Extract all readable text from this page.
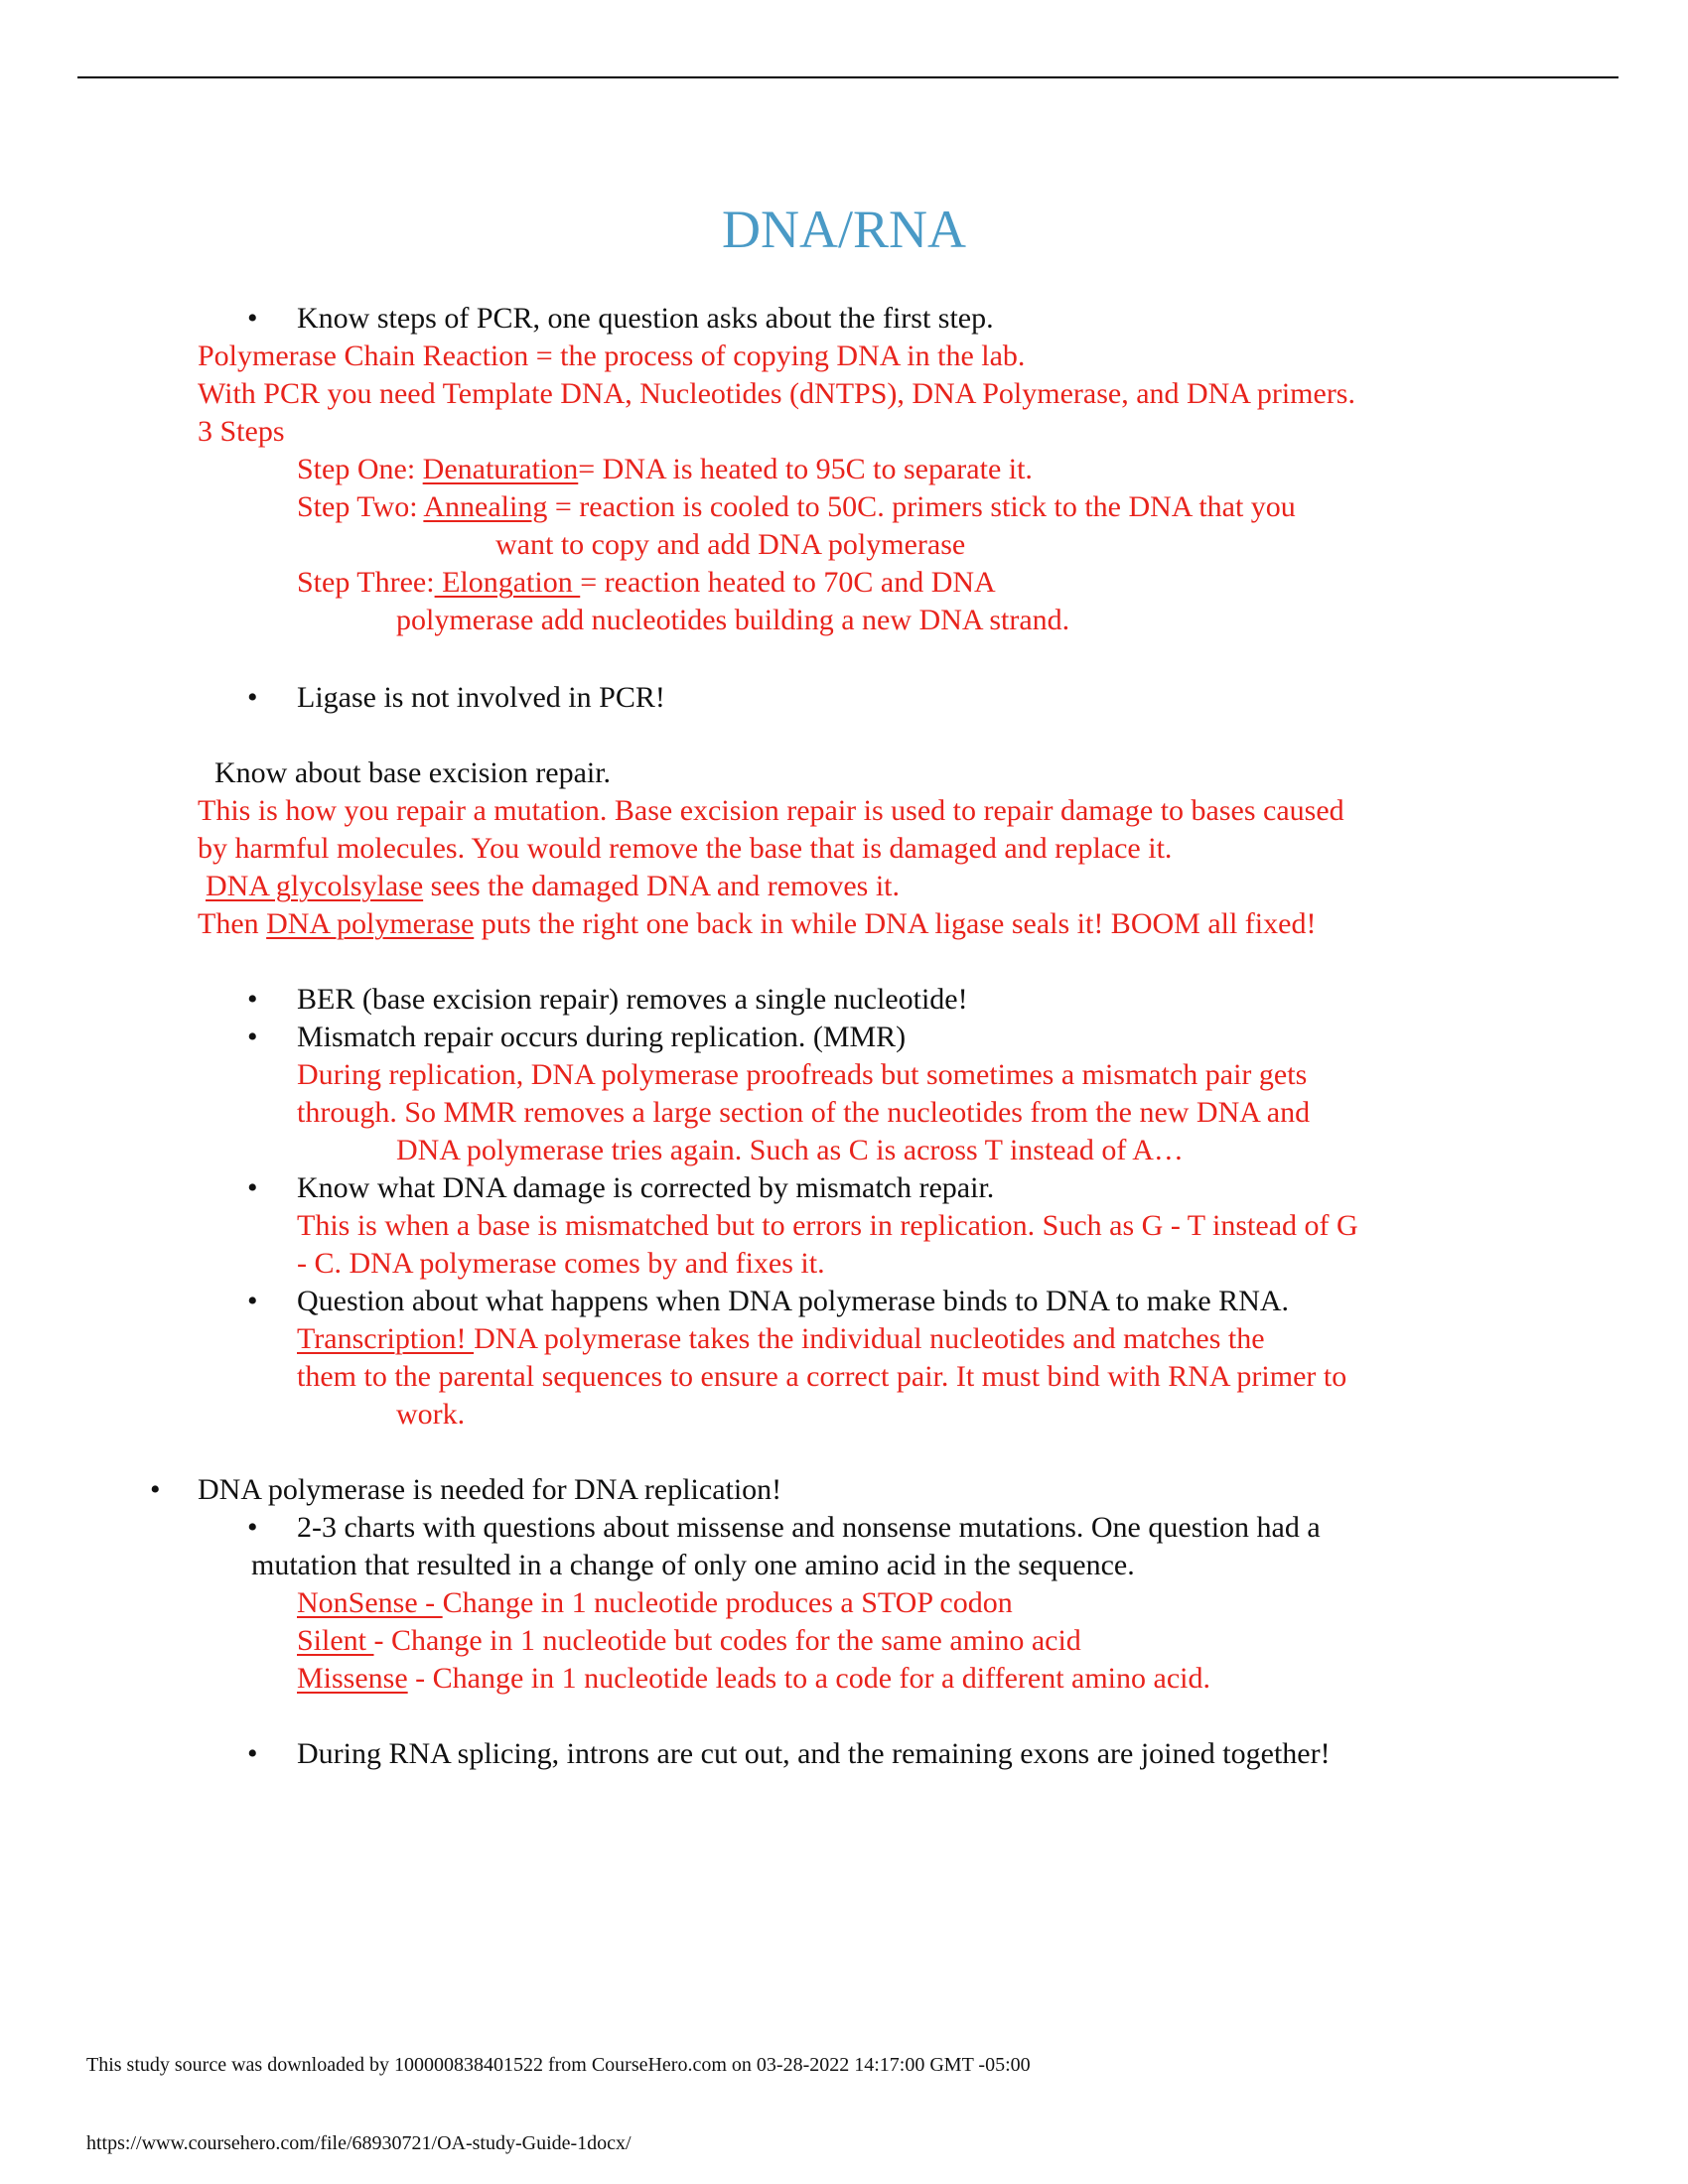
DNA/RNA
• Know steps of PCR, one question asks about the first step.
Polymerase Chain Reaction = the process of copying DNA in the lab.
With PCR you need Template DNA, Nucleotides (dNTPS), DNA Polymerase, and DNA primers.
3 Steps
Step One: Denaturation= DNA is heated to 95C to separate it.
Step Two: Annealing = reaction is cooled to 50C. primers stick to the DNA that you
want to copy and add DNA polymerase
Step Three: Elongation = reaction heated to 70C and DNA
polymerase add nucleotides building a new DNA strand.
• Ligase is not involved in PCR!
Know about base excision repair.
This is how you repair a mutation. Base excision repair is used to repair damage to bases caused
by harmful molecules. You would remove the base that is damaged and replace it.
DNA glycolsylase sees the damaged DNA and removes it.
Then DNA polymerase puts the right one back in while DNA ligase seals it! BOOM all fixed!
• BER (base excision repair) removes a single nucleotide!
• Mismatch repair occurs during replication. (MMR)
During replication, DNA polymerase proofreads but sometimes a mismatch pair gets
through. So MMR removes a large section of the nucleotides from the new DNA and
DNA polymerase tries again. Such as C is across T instead of A…
• Know what DNA damage is corrected by mismatch repair.
This is when a base is mismatched but to errors in replication. Such as G - T instead of G
- C. DNA polymerase comes by and fixes it.
• Question about what happens when DNA polymerase binds to DNA to make RNA.
Transcription! DNA polymerase takes the individual nucleotides and matches the
them to the parental sequences to ensure a correct pair. It must bind with RNA primer to
work.
• DNA polymerase is needed for DNA replication!
• 2-3 charts with questions about missense and nonsense mutations. One question had a
mutation that resulted in a change of only one amino acid in the sequence.
NonSense - Change in 1 nucleotide produces a STOP codon
Silent - Change in 1 nucleotide but codes for the same amino acid
Missense - Change in 1 nucleotide leads to a code for a different amino acid.
• During RNA splicing, introns are cut out, and the remaining exons are joined together!
This study source was downloaded by 100000838401522 from CourseHero.com on 03-28-2022 14:17:00 GMT -05:00
https://www.coursehero.com/file/68930721/OA-study-Guide-1docx/
